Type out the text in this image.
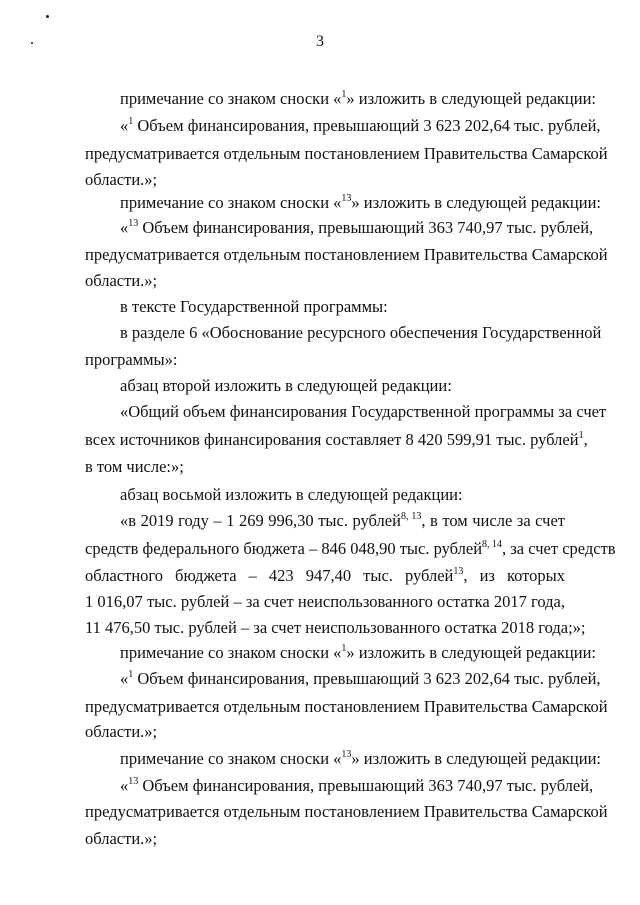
3
примечание со знаком сноски «$^1$» изложить в следующей редакции:
«$^1$ Объем финансирования, превышающий 3 623 202,64 тыс. рублей,
предусматривается отдельным постановлением Правительства Самарской
области.»;
примечание со знаком сноски «$^{13}$» изложить в следующей редакции:
«$^{13}$ Объем финансирования, превышающий 363 740,97 тыс. рублей,
предусматривается отдельным постановлением Правительства Самарской
области.»;
в тексте Государственной программы:
в разделе 6 «Обоснование ресурсного обеспечения Государственной
программы»:
абзац второй изложить в следующей редакции:
«Общий объем финансирования Государственной программы за счет
всех источников финансирования составляет 8 420 599,91 тыс. рублей$^1$,
в том числе:»;
абзац восьмой изложить в следующей редакции:
«в 2019 году – 1 269 996,30 тыс. рублей$^{8, 13}$, в том числе за счет
средств федерального бюджета – 846 048,90 тыс. рублей$^{8, 14}$, за счет средств
областного бюджета – 423 947,40 тыс. рублей$^{13}$, из которых
1 016,07 тыс. рублей – за счет неиспользованного остатка 2017 года,
11 476,50 тыс. рублей – за счет неиспользованного остатка 2018 года;»;
примечание со знаком сноски «$^1$» изложить в следующей редакции:
«$^1$ Объем финансирования, превышающий 3 623 202,64 тыс. рублей,
предусматривается отдельным постановлением Правительства Самарской
области.»;
примечание со знаком сноски «$^{13}$» изложить в следующей редакции:
«$^{13}$ Объем финансирования, превышающий 363 740,97 тыс. рублей,
предусматривается отдельным постановлением Правительства Самарской
области.»;
